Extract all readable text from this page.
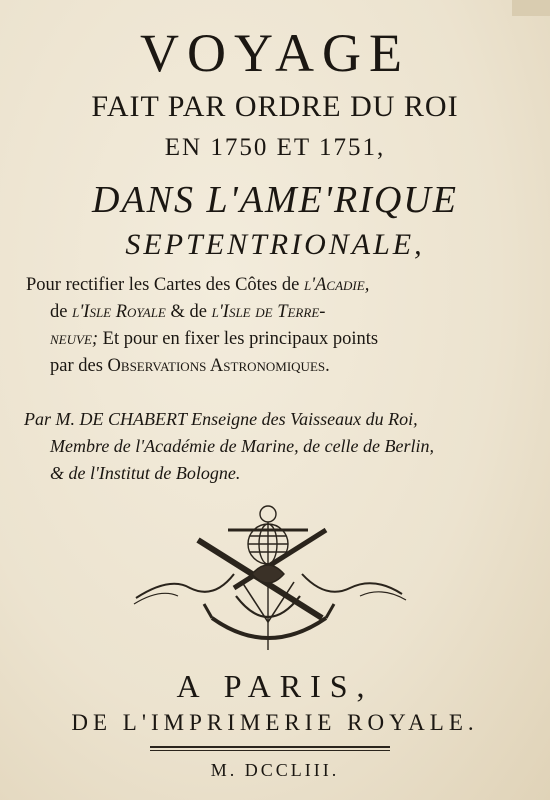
VOYAGE
FAIT PAR ORDRE DU ROI
EN 1750 ET 1751,
DANS L'AME'RIQUE
SEPTENTRIONALE,
Pour rectifier les Cartes des Côtes de l'Acadie,
de l'Isle Royale & de l'Isle de Terre-
neuve; Et pour en fixer les principaux points
par des Observations Astronomiques.
Par M. DE CHABERT Enseigne des Vaisseaux du Roi,
Membre de l'Académie de Marine, de celle de Berlin,
& de l'Institut de Bologne.
A PARIS,
DE L'IMPRIMERIE ROYALE.
M. DCCLIII.
